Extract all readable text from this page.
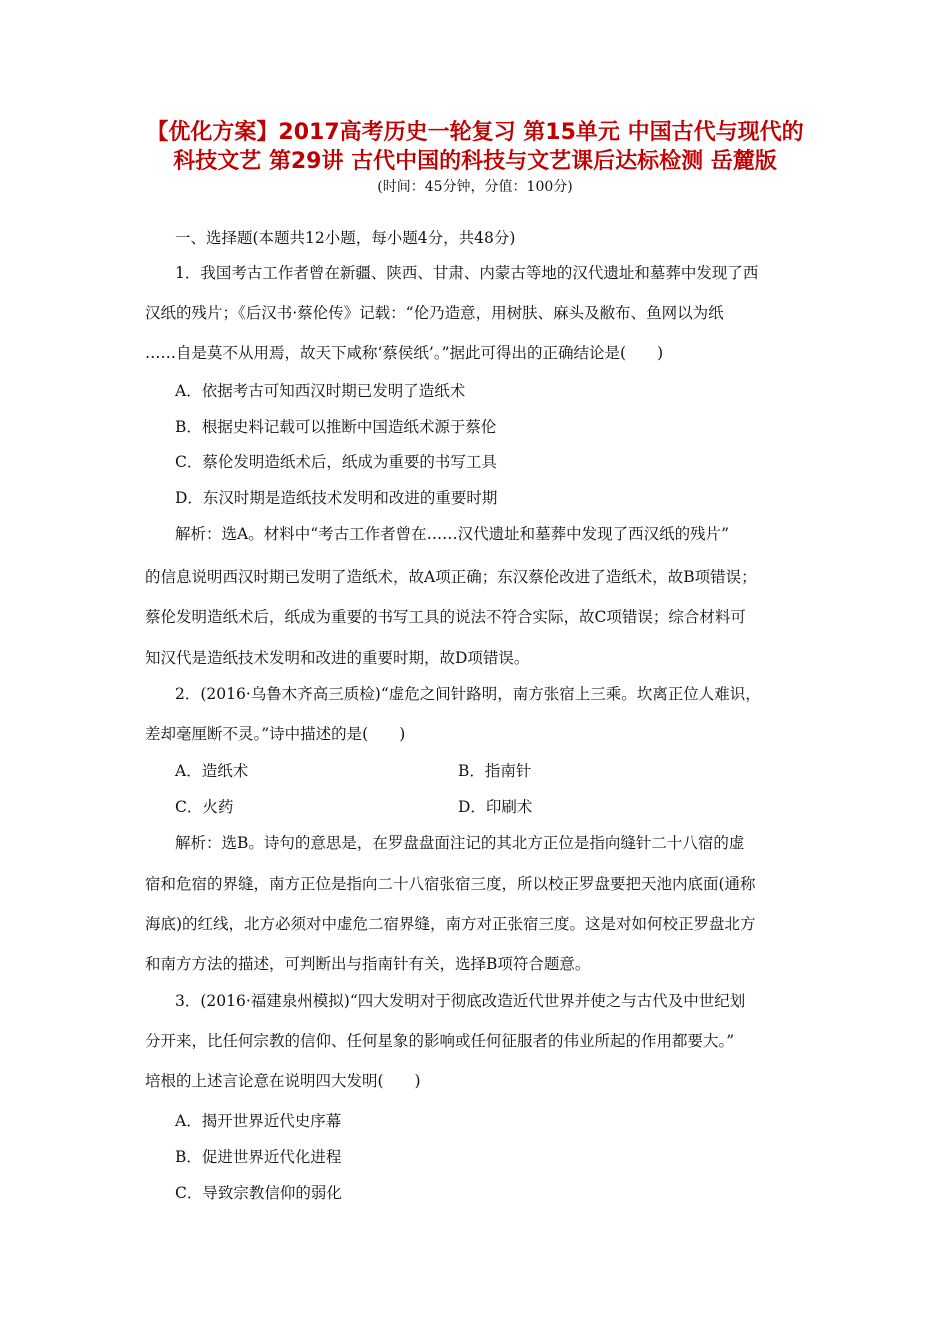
【优化方案】2017高考历史一轮复习 第15单元 中国古代与现代的
科技文艺 第29讲 古代中国的科技与文艺课后达标检测 岳麓版
(时间：45分钟，分值：100分)
一、选择题(本题共12小题，每小题4分，共48分)
1．我国考古工作者曾在新疆、陕西、甘肃、内蒙古等地的汉代遗址和墓葬中发现了西
汉纸的残片；《后汉书·蔡伦传》记载：“伦乃造意，用树肤、麻头及敝布、鱼网以为纸
……自是莫不从用焉，故天下咸称‘蔡侯纸’。”据此可得出的正确结论是(　　)
A．依据考古可知西汉时期已发明了造纸术
B．根据史料记载可以推断中国造纸术源于蔡伦
C．蔡伦发明造纸术后，纸成为重要的书写工具
D．东汉时期是造纸技术发明和改进的重要时期
解析：选A。材料中“考古工作者曾在……汉代遗址和墓葬中发现了西汉纸的残片”
的信息说明西汉时期已发明了造纸术，故A项正确；东汉蔡伦改进了造纸术，故B项错误；
蔡伦发明造纸术后，纸成为重要的书写工具的说法不符合实际，故C项错误；综合材料可
知汉代是造纸技术发明和改进的重要时期，故D项错误。
2．(2016·乌鲁木齐高三质检)“虚危之间针路明，南方张宿上三乘。坎离正位人难识，
差却毫厘断不灵。”诗中描述的是(　　)
A．造纸术	B．指南针
C．火药	D．印刷术
解析：选B。诗句的意思是，在罗盘盘面注记的其北方正位是指向缝针二十八宿的虚
宿和危宿的界缝，南方正位是指向二十八宿张宿三度，所以校正罗盘要把天池内底面(通称
海底)的红线，北方必须对中虚危二宿界缝，南方对正张宿三度。这是对如何校正罗盘北方
和南方方法的描述，可判断出与指南针有关，选择B项符合题意。
3．(2016·福建泉州模拟)“四大发明对于彻底改造近代世界并使之与古代及中世纪划
分开来，比任何宗教的信仰、任何星象的影响或任何征服者的伟业所起的作用都要大。”
培根的上述言论意在说明四大发明(　　)
A．揭开世界近代史序幕
B．促进世界近代化进程
C．导致宗教信仰的弱化
